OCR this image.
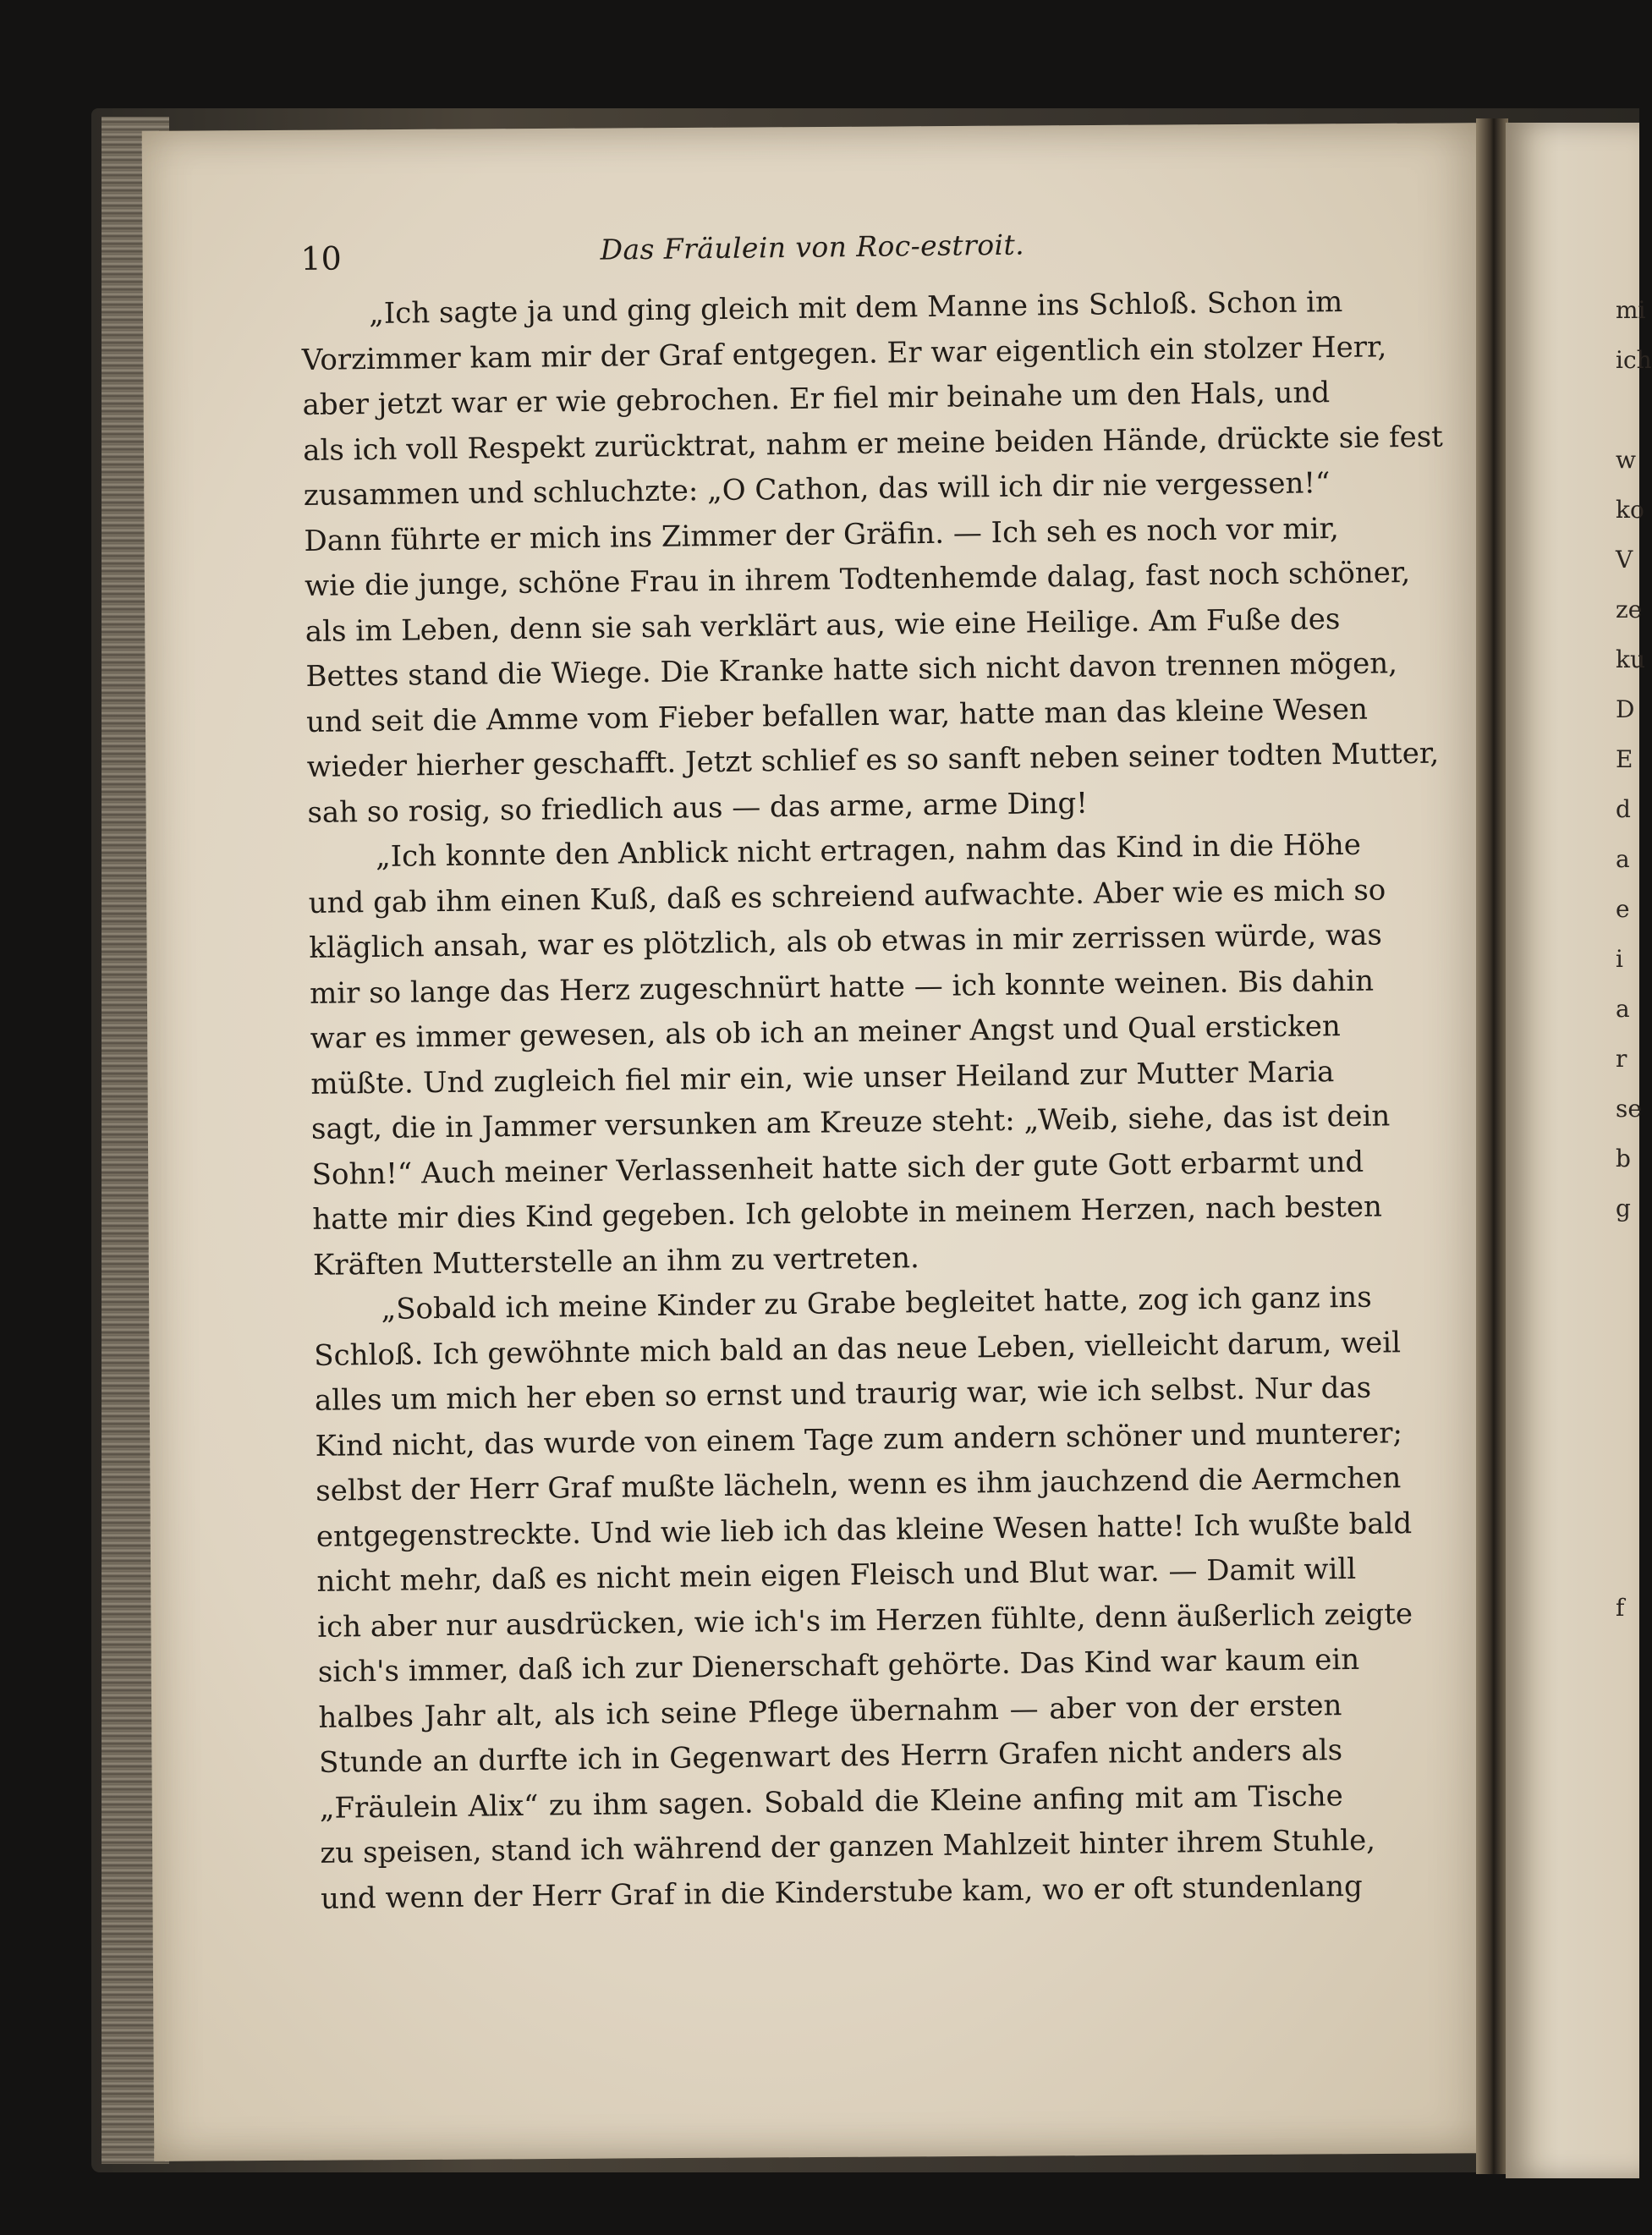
mi
ich
w
ko
V
ze
ku
D
E
d
a
e
i
a
r
se
b
g
f
10	Das Fräulein von Roc-estroit.
„Ich sagte ja und ging gleich mit dem Manne ins Schloß. Schon im
Vorzimmer kam mir der Graf entgegen. Er war eigentlich ein stolzer Herr,
aber jetzt war er wie gebrochen. Er fiel mir beinahe um den Hals, und
als ich voll Respekt zurücktrat, nahm er meine beiden Hände, drückte sie fest
zusammen und schluchzte: „O Cathon, das will ich dir nie vergessen!“
Dann führte er mich ins Zimmer der Gräfin. — Ich seh es noch vor mir,
wie die junge, schöne Frau in ihrem Todtenhemde dalag, fast noch schöner,
als im Leben, denn sie sah verklärt aus, wie eine Heilige. Am Fuße des
Bettes stand die Wiege. Die Kranke hatte sich nicht davon trennen mögen,
und seit die Amme vom Fieber befallen war, hatte man das kleine Wesen
wieder hierher geschafft. Jetzt schlief es so sanft neben seiner todten Mutter,
sah so rosig, so friedlich aus — das arme, arme Ding!
„Ich konnte den Anblick nicht ertragen, nahm das Kind in die Höhe
und gab ihm einen Kuß, daß es schreiend aufwachte. Aber wie es mich so
kläglich ansah, war es plötzlich, als ob etwas in mir zerrissen würde, was
mir so lange das Herz zugeschnürt hatte — ich konnte weinen. Bis dahin
war es immer gewesen, als ob ich an meiner Angst und Qual ersticken
müßte. Und zugleich fiel mir ein, wie unser Heiland zur Mutter Maria
sagt, die in Jammer versunken am Kreuze steht: „Weib, siehe, das ist dein
Sohn!“ Auch meiner Verlassenheit hatte sich der gute Gott erbarmt und
hatte mir dies Kind gegeben. Ich gelobte in meinem Herzen, nach besten
Kräften Mutterstelle an ihm zu vertreten.
„Sobald ich meine Kinder zu Grabe begleitet hatte, zog ich ganz ins
Schloß. Ich gewöhnte mich bald an das neue Leben, vielleicht darum, weil
alles um mich her eben so ernst und traurig war, wie ich selbst. Nur das
Kind nicht, das wurde von einem Tage zum andern schöner und munterer;
selbst der Herr Graf mußte lächeln, wenn es ihm jauchzend die Aermchen
entgegenstreckte. Und wie lieb ich das kleine Wesen hatte! Ich wußte bald
nicht mehr, daß es nicht mein eigen Fleisch und Blut war. — Damit will
ich aber nur ausdrücken, wie ich's im Herzen fühlte, denn äußerlich zeigte
sich's immer, daß ich zur Dienerschaft gehörte. Das Kind war kaum ein
halbes Jahr alt, als ich seine Pflege übernahm — aber von der ersten
Stunde an durfte ich in Gegenwart des Herrn Grafen nicht anders als
„Fräulein Alix“ zu ihm sagen. Sobald die Kleine anfing mit am Tische
zu speisen, stand ich während der ganzen Mahlzeit hinter ihrem Stuhle,
und wenn der Herr Graf in die Kinderstube kam, wo er oft stundenlang
